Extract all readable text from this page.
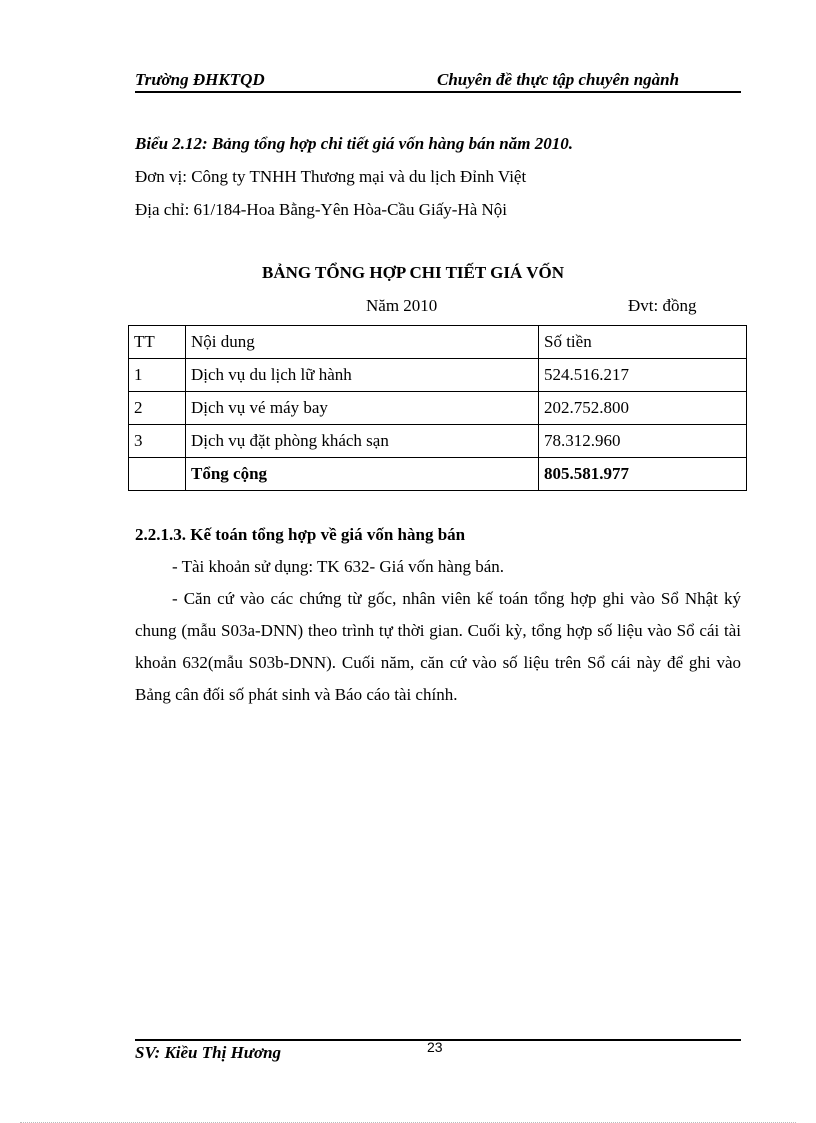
Trường ĐHKTQD	Chuyên đề thực tập chuyên ngành
Biểu 2.12: Bảng tổng hợp chi tiết giá vốn hàng bán năm 2010.
Đơn vị: Công ty TNHH Thương mại và du lịch Đỉnh Việt
Địa chỉ: 61/184-Hoa Bằng-Yên Hòa-Cầu Giấy-Hà Nội
BẢNG TỔNG HỢP CHI TIẾT GIÁ VỐN
Năm 2010	Đvt: đồng
TT	Nội dung	Số tiền
1	Dịch vụ du lịch lữ hành	524.516.217
2	Dịch vụ vé máy bay	202.752.800
3	Dịch vụ đặt phòng khách sạn	78.312.960
	Tổng cộng	805.581.977
2.2.1.3. Kế toán tổng hợp về giá vốn hàng bán
- Tài khoản sử dụng: TK 632- Giá vốn hàng bán.
- Căn cứ vào các chứng từ gốc, nhân viên kế toán tổng hợp ghi vào Sổ Nhật ký chung (mẫu S03a-DNN) theo trình tự thời gian. Cuối kỳ, tổng hợp số liệu vào Sổ cái tài khoản 632(mẫu S03b-DNN). Cuối năm, căn cứ vào số liệu trên Sổ cái này để ghi vào Bảng cân đối số phát sinh và Báo cáo tài chính.
SV: Kiều Thị Hương	23
